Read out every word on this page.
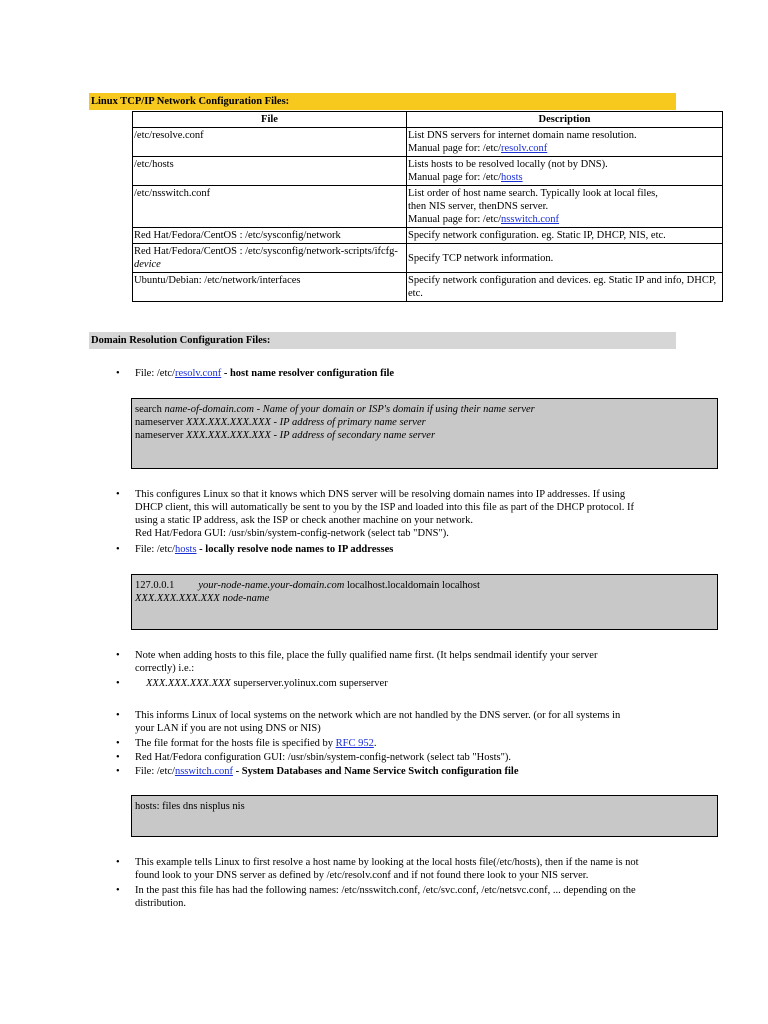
Linux TCP/IP Network Configuration Files:
File	Description
/etc/resolve.conf	List DNS servers for internet domain name resolution.
Manual page for: /etc/resolv.conf
/etc/hosts	Lists hosts to be resolved locally (not by DNS).
Manual page for: /etc/hosts
/etc/nsswitch.conf	List order of host name search. Typically look at local files,
then NIS server, thenDNS server.
Manual page for: /etc/nsswitch.conf
Red Hat/Fedora/CentOS : /etc/sysconfig/network	Specify network configuration. eg. Static IP, DHCP, NIS, etc.
Red Hat/Fedora/CentOS : /etc/sysconfig/network-scripts/ifcfg-device	Specify TCP network information.
Ubuntu/Debian: /etc/network/interfaces	Specify network configuration and devices. eg. Static IP and info, DHCP, etc.
Domain Resolution Configuration Files:
• File: /etc/resolv.conf - host name resolver configuration file
search name-of-domain.com - Name of your domain or ISP's domain if using their name server
nameserver XXX.XXX.XXX.XXX - IP address of primary name server
nameserver XXX.XXX.XXX.XXX - IP address of secondary name server
• This configures Linux so that it knows which DNS server will be resolving domain names into IP addresses. If using
DHCP client, this will automatically be sent to you by the ISP and loaded into this file as part of the DHCP protocol. If
using a static IP address, ask the ISP or check another machine on your network.
Red Hat/Fedora GUI: /usr/sbin/system-config-network (select tab "DNS").
• File: /etc/hosts - locally resolve node names to IP addresses
127.0.0.1 your-node-name.your-domain.com localhost.localdomain localhost
XXX.XXX.XXX.XXX node-name
• Note when adding hosts to this file, place the fully qualified name first. (It helps sendmail identify your server
correctly) i.e.:
•	XXX.XXX.XXX.XXX superserver.yolinux.com superserver
• This informs Linux of local systems on the network which are not handled by the DNS server. (or for all systems in
your LAN if you are not using DNS or NIS)
• The file format for the hosts file is specified by RFC 952.
• Red Hat/Fedora configuration GUI: /usr/sbin/system-config-network (select tab "Hosts").
• File: /etc/nsswitch.conf - System Databases and Name Service Switch configuration file
hosts: files dns nisplus nis
• This example tells Linux to first resolve a host name by looking at the local hosts file(/etc/hosts), then if the name is not
found look to your DNS server as defined by /etc/resolv.conf and if not found there look to your NIS server.
• In the past this file has had the following names: /etc/nsswitch.conf, /etc/svc.conf, /etc/netsvc.conf, ... depending on the
distribution.
